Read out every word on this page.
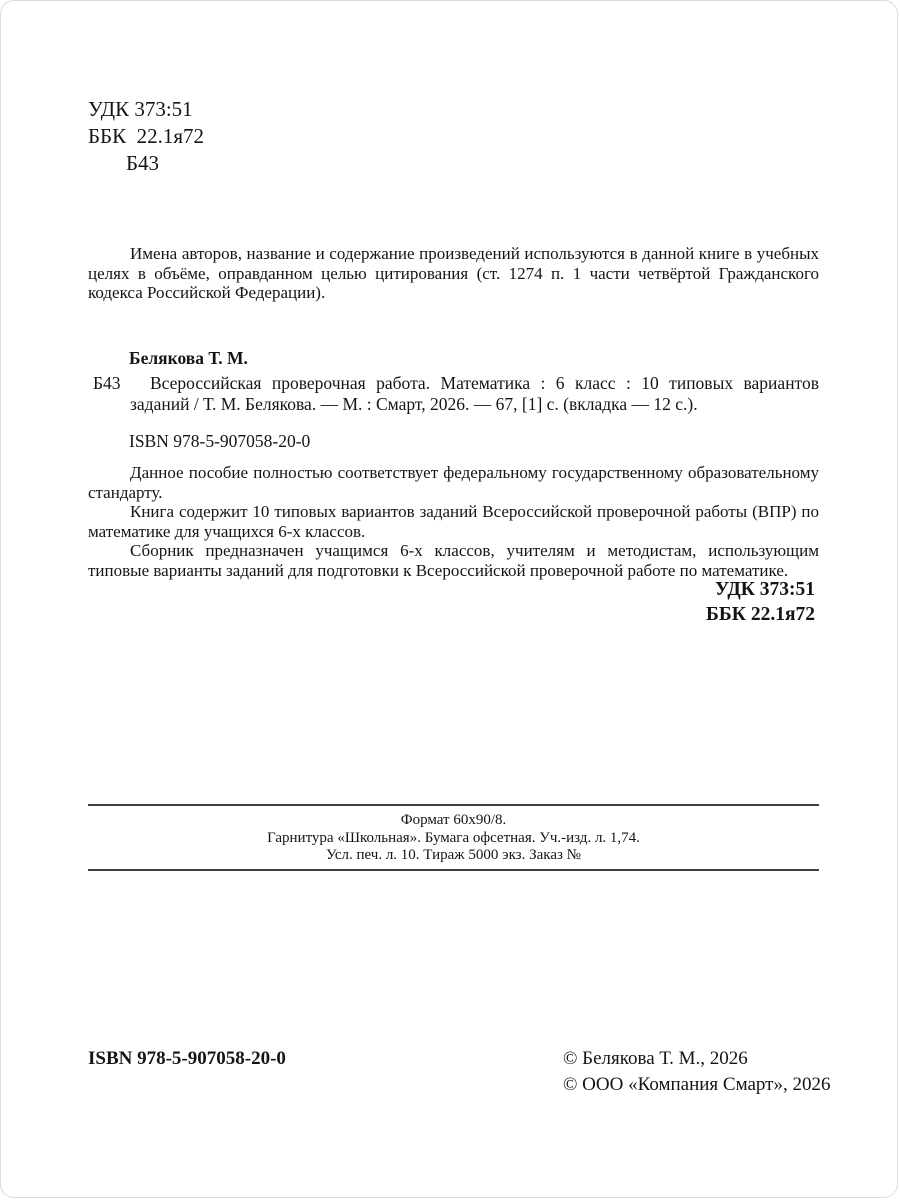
УДК 373:51
ББК  22.1я72
Б43

Имена авторов, название и содержание произведений используются в данной книге в учебных целях в объёме, оправданном целью цитирования (ст. 1274 п. 1 части четвёртой Гражданского кодекса Российской Федерации).

Белякова Т. М.
Б43 Всероссийская проверочная работа. Математика : 6 класс : 10 типовых вариантов заданий / Т. М. Белякова. — М. : Смарт, 2026. — 67, [1] с. (вкладка — 12 с.).
ISBN 978-5-907058-20-0

Данное пособие полностью соответствует федеральному государственному образовательному стандарту.

Книга содержит 10 типовых вариантов заданий Всероссийской проверочной работы (ВПР) по математике для учащихся 6-х классов.

Сборник предназначен учащимся 6-х классов, учителям и методистам, использующим типовые варианты заданий для подготовки к Всероссийской проверочной работе по математике.

УДК 373:51
ББК 22.1я72
Формат 60х90/8.
Гарнитура «Школьная». Бумага офсетная. Уч.-изд. л. 1,74.
Усл. печ. л. 10. Тираж 5000 экз. Заказ №
ISBN 978-5-907058-20-0	© Белякова Т. М., 2026
© ООО «Компания Смарт», 2026
